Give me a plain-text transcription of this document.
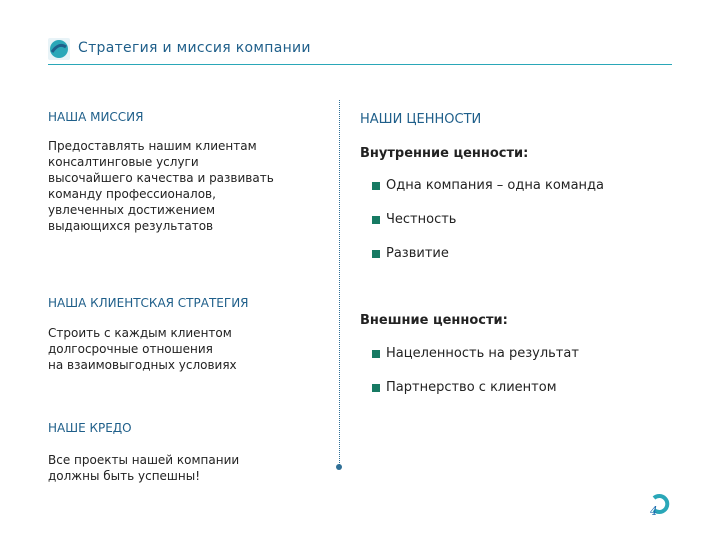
Стратегия и миссия компании
НАША МИССИЯ
Предоставлять нашим клиентам
консалтинговые услуги
высочайшего качества и развивать
команду профессионалов,
увлеченных достижением
выдающихся результатов
НАША КЛИЕНТСКАЯ СТРАТЕГИЯ
Строить с каждым клиентом
долгосрочные отношения
на взаимовыгодных условиях
НАШЕ КРЕДО
Все проекты нашей компании
должны быть успешны!
НАШИ ЦЕННОСТИ
Внутренние ценности:
Одна компания – одна команда
Честность
Развитие
Внешние ценности:
Нацеленность на результат
Партнерство с клиентом
4
